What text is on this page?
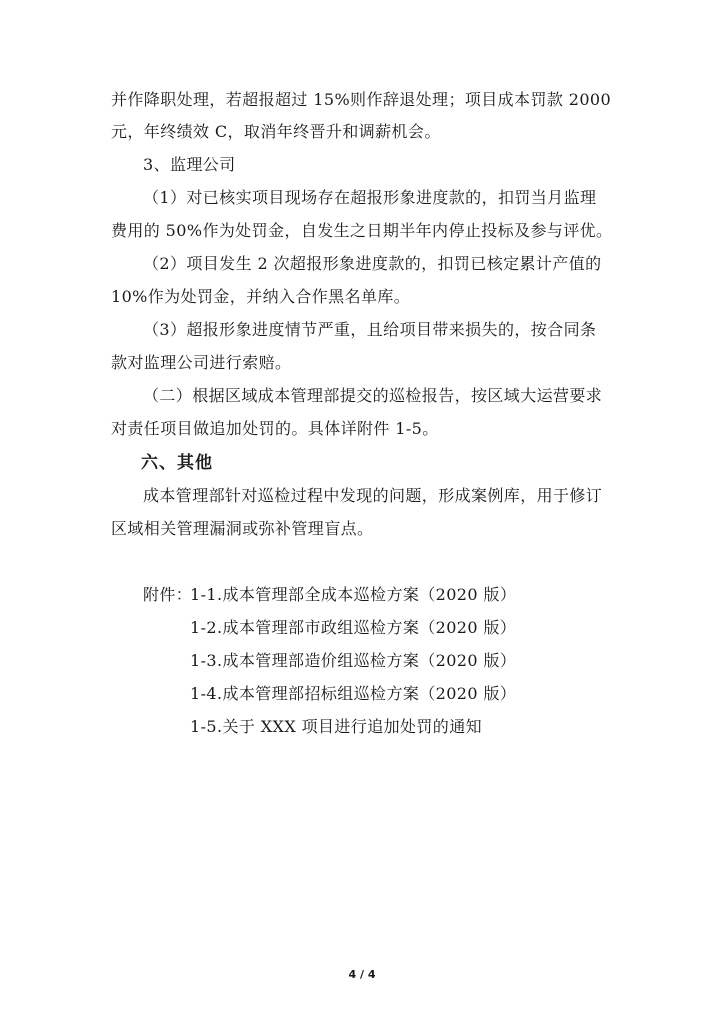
并作降职处理，若超报超过 15%则作辞退处理；项目成本罚款 2000
元，年终绩效 C，取消年终晋升和调薪机会。
3、监理公司
（1）对已核实项目现场存在超报形象进度款的，扣罚当月监理
费用的 50%作为处罚金，自发生之日期半年内停止投标及参与评优。
（2）项目发生 2 次超报形象进度款的，扣罚已核定累计产值的
10%作为处罚金，并纳入合作黑名单库。
（3）超报形象进度情节严重，且给项目带来损失的，按合同条
款对监理公司进行索赔。
（二）根据区域成本管理部提交的巡检报告，按区域大运营要求
对责任项目做追加处罚的。具体详附件 1-5。
六、其他
成本管理部针对巡检过程中发现的问题，形成案例库，用于修订
区域相关管理漏洞或弥补管理盲点。
附件：
1-1.成本管理部全成本巡检方案（2020 版）
1-2.成本管理部市政组巡检方案（2020 版）
1-3.成本管理部造价组巡检方案（2020 版）
1-4.成本管理部招标组巡检方案（2020 版）
1-5.关于 XXX 项目进行追加处罚的通知
4 / 4
